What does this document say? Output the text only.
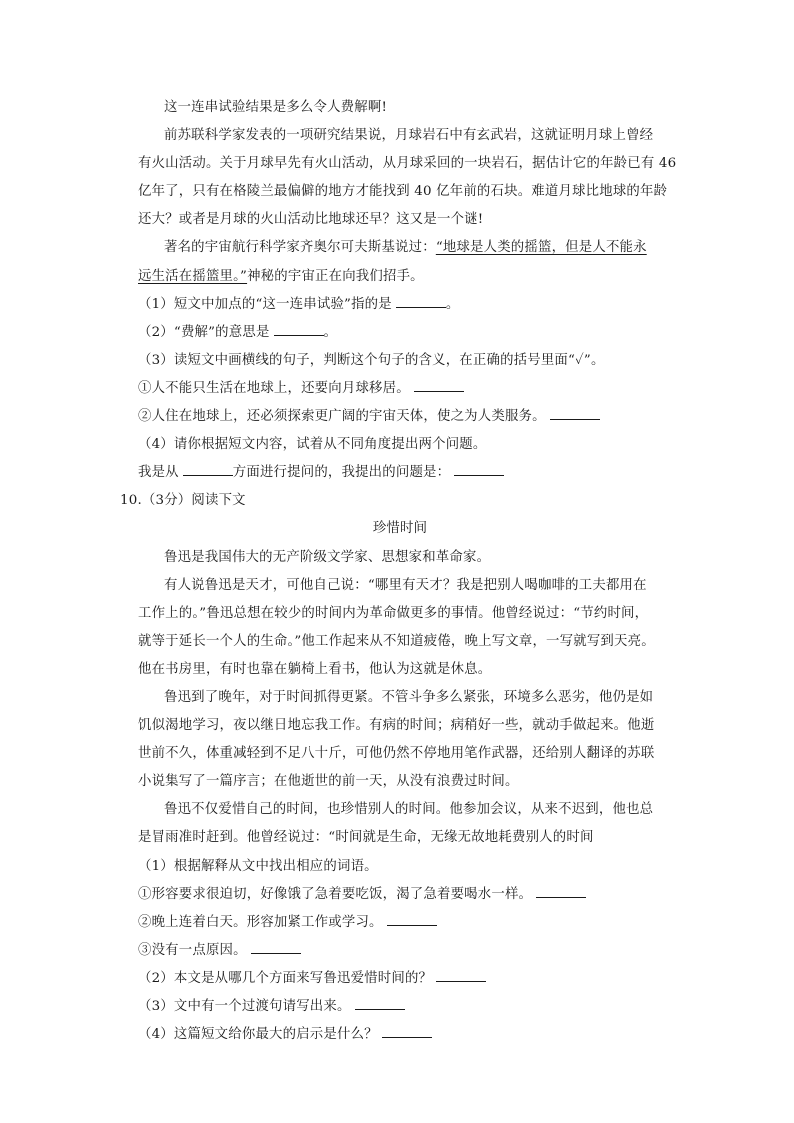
这一连串试验结果是多么令人费解啊!
前苏联科学家发表的一项研究结果说，月球岩石中有玄武岩，这就证明月球上曾经
有火山活动。关于月球早先有火山活动，从月球采回的一块岩石，据估计它的年龄已有 46
亿年了，只有在格陵兰最偏僻的地方才能找到 40 亿年前的石块。难道月球比地球的年龄
还大？或者是月球的火山活动比地球还早？这又是一个谜!
著名的宇宙航行科学家齐奥尔可夫斯基说过：“地球是人类的摇篮，但是人不能永
远生活在摇篮里。”神秘的宇宙正在向我们招手。
（1）短文中加点的“这一连串试验”指的是	。
（2）“费解”的意思是	。
（3）读短文中画横线的句子，判断这个句子的含义，在正确的括号里面“✓”。
①人不能只生活在地球上，还要向月球移居。
②人住在地球上，还必须探索更广阔的宇宙天体，使之为人类服务。
（4）请你根据短文内容，试着从不同角度提出两个问题。
我是从	方面进行提问的，我提出的问题是：
10.（3分）阅读下文
珍惜时间
鲁迅是我国伟大的无产阶级文学家、思想家和革命家。
有人说鲁迅是天才，可他自己说：“哪里有天才？我是把别人喝咖啡的工夫都用在
工作上的。”鲁迅总想在较少的时间内为革命做更多的事情。他曾经说过：“节约时间，
就等于延长一个人的生命。”他工作起来从不知道疲倦，晚上写文章，一写就写到天亮。
他在书房里，有时也靠在躺椅上看书，他认为这就是休息。
鲁迅到了晚年，对于时间抓得更紧。不管斗争多么紧张，环境多么恶劣，他仍是如
饥似渴地学习，夜以继日地忘我工作。有病的时间；病稍好一些，就动手做起来。他逝
世前不久，体重减轻到不足八十斤，可他仍然不停地用笔作武器，还给别人翻译的苏联
小说集写了一篇序言；在他逝世的前一天，从没有浪费过时间。
鲁迅不仅爱惜自己的时间，也珍惜别人的时间。他参加会议，从来不迟到，他也总
是冒雨准时赶到。他曾经说过：“时间就是生命，无缘无故地耗费别人的时间
（1）根据解释从文中找出相应的词语。
①形容要求很迫切，好像饿了急着要吃饭，渴了急着要喝水一样。
②晚上连着白天。形容加紧工作或学习。
③没有一点原因。
（2）本文是从哪几个方面来写鲁迅爱惜时间的？
（3）文中有一个过渡句请写出来。
（4）这篇短文给你最大的启示是什么？
